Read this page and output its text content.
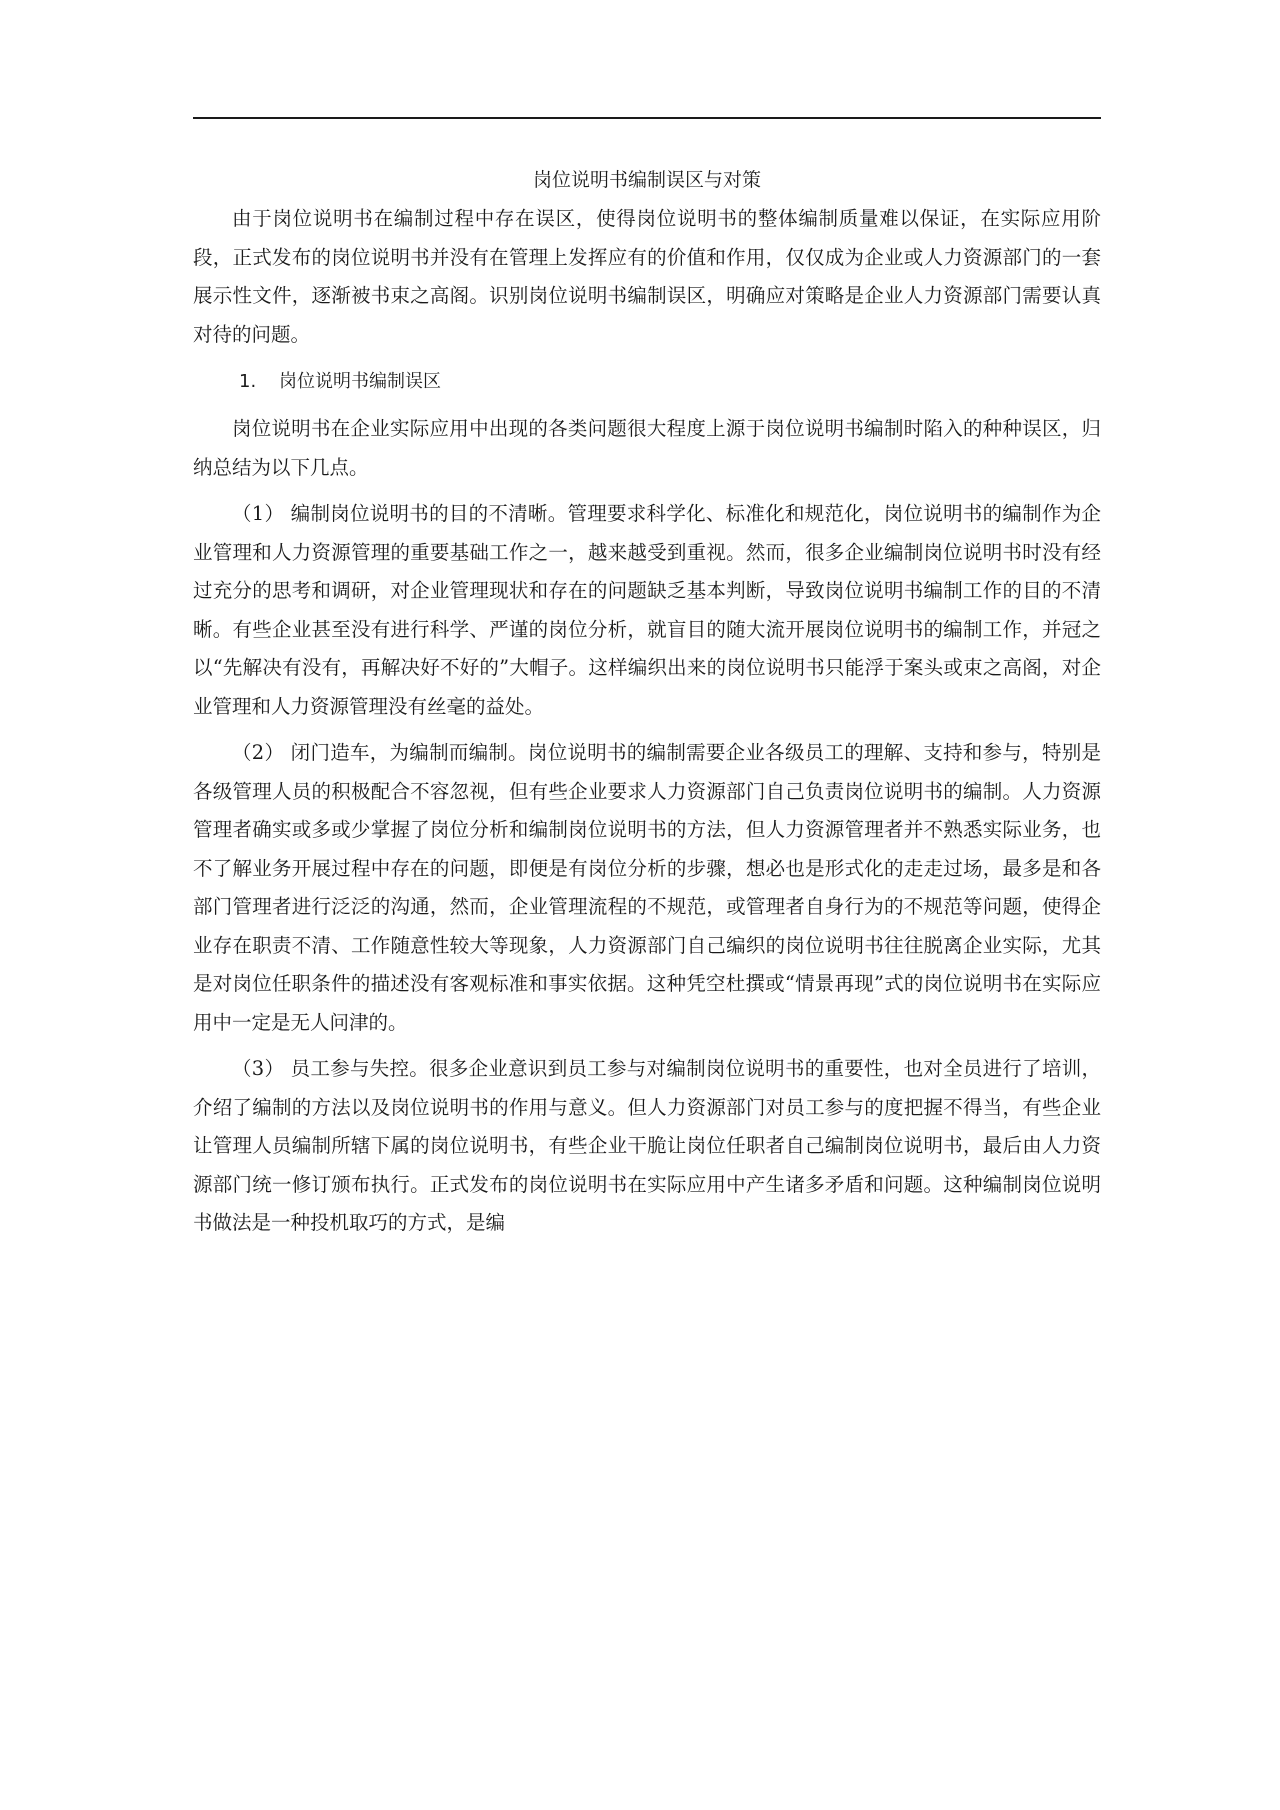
岗位说明书编制误区与对策

由于岗位说明书在编制过程中存在误区，使得岗位说明书的整体编制质量难以保证，在实际应用阶段，正式发布的岗位说明书并没有在管理上发挥应有的价值和作用，仅仅成为企业或人力资源部门的一套展示性文件，逐渐被书束之高阁。识别岗位说明书编制误区，明确应对策略是企业人力资源部门需要认真对待的问题。

1. 岗位说明书编制误区

岗位说明书在企业实际应用中出现的各类问题很大程度上源于岗位说明书编制时陷入的种种误区，归纳总结为以下几点。

（1） 编制岗位说明书的目的不清晰。管理要求科学化、标准化和规范化，岗位说明书的编制作为企业管理和人力资源管理的重要基础工作之一，越来越受到重视。然而，很多企业编制岗位说明书时没有经过充分的思考和调研，对企业管理现状和存在的问题缺乏基本判断，导致岗位说明书编制工作的目的不清晰。有些企业甚至没有进行科学、严谨的岗位分析，就盲目的随大流开展岗位说明书的编制工作，并冠之以“先解决有没有，再解决好不好的”大帽子。这样编织出来的岗位说明书只能浮于案头或束之高阁，对企业管理和人力资源管理没有丝毫的益处。

（2） 闭门造车，为编制而编制。岗位说明书的编制需要企业各级员工的理解、支持和参与，特别是各级管理人员的积极配合不容忽视，但有些企业要求人力资源部门自己负责岗位说明书的编制。人力资源管理者确实或多或少掌握了岗位分析和编制岗位说明书的方法，但人力资源管理者并不熟悉实际业务，也不了解业务开展过程中存在的问题，即便是有岗位分析的步骤，想必也是形式化的走走过场，最多是和各部门管理者进行泛泛的沟通，然而，企业管理流程的不规范，或管理者自身行为的不规范等问题，使得企业存在职责不清、工作随意性较大等现象，人力资源部门自己编织的岗位说明书往往脱离企业实际，尤其是对岗位任职条件的描述没有客观标准和事实依据。这种凭空杜撰或“情景再现”式的岗位说明书在实际应用中一定是无人问津的。

（3） 员工参与失控。很多企业意识到员工参与对编制岗位说明书的重要性，也对全员进行了培训，介绍了编制的方法以及岗位说明书的作用与意义。但人力资源部门对员工参与的度把握不得当，有些企业让管理人员编制所辖下属的岗位说明书，有些企业干脆让岗位任职者自己编制岗位说明书，最后由人力资源部门统一修订颁布执行。正式发布的岗位说明书在实际应用中产生诸多矛盾和问题。这种编制岗位说明书做法是一种投机取巧的方式，是编
